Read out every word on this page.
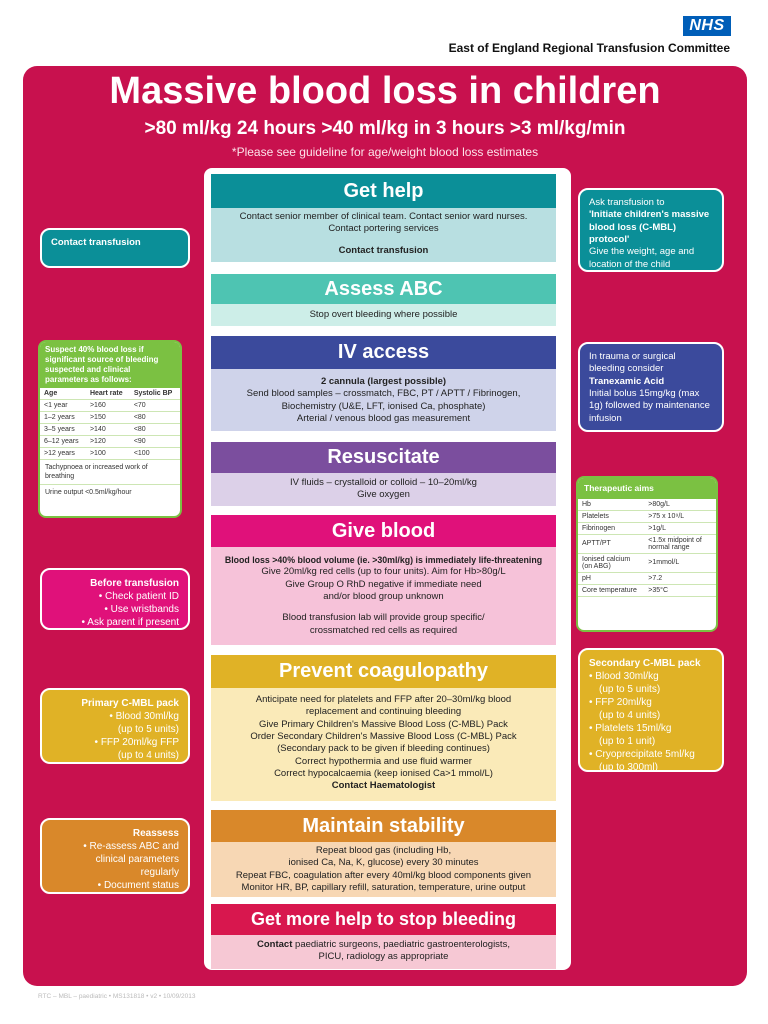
NHS
East of England Regional Transfusion Committee
Massive blood loss in children
>80 ml/kg 24 hours >40 ml/kg in 3 hours >3 ml/kg/min
*Please see guideline for age/weight blood loss estimates
Get help
Contact senior member of clinical team. Contact senior ward nurses.
Contact portering services
Contact transfusion
Assess ABC
Stop overt bleeding where possible
IV access
2 cannula (largest possible)
Send blood samples – crossmatch, FBC, PT / APTT / Fibrinogen,
Biochemistry (U&E, LFT, ionised Ca, phosphate)
Arterial / venous blood gas measurement
Resuscitate
IV fluids – crystalloid or colloid – 10–20ml/kg
Give oxygen
Give blood
Blood loss >40% blood volume (ie. >30ml/kg) is immediately life-threatening
Give 20ml/kg red cells (up to four units). Aim for Hb>80g/L
Give Group O RhD negative if immediate need
and/or blood group unknown
Blood transfusion lab will provide group specific/
crossmatched red cells as required
Prevent coagulopathy
Anticipate need for platelets and FFP after 20–30ml/kg blood
replacement and continuing bleeding
Give Primary Children's Massive Blood Loss (C-MBL) Pack
Order Secondary Children's Massive Blood Loss (C-MBL) Pack
(Secondary pack to be given if bleeding continues)
Correct hypothermia and use fluid warmer
Correct hypocalcaemia (keep ionised Ca>1 mmol/L)
Contact Haematologist
Maintain stability
Repeat blood gas (including Hb,
ionised Ca, Na, K, glucose) every 30 minutes
Repeat FBC, coagulation after every 40ml/kg blood components given
Monitor HR, BP, capillary refill, saturation, temperature, urine output
Get more help to stop bleeding
Contact paediatric surgeons, paediatric gastroenterologists,
PICU, radiology as appropriate
Contact transfusion
Ask transfusion to
'Initiate children's massive blood loss (C-MBL) protocol'
Give the weight, age and location of the child
In trauma or surgical bleeding consider
Tranexamic Acid
Initial bolus 15mg/kg (max 1g) followed by maintenance infusion
Before transfusion
• Check patient ID
• Use wristbands
• Ask parent if present
Primary C-MBL pack
• Blood 30ml/kg
(up to 5 units)
• FFP 20ml/kg FFP
(up to 4 units)
Secondary C-MBL pack
• Blood 30ml/kg
(up to 5 units)
• FFP 20ml/kg
(up to 4 units)
• Platelets 15ml/kg
(up to 1 unit)
• Cryoprecipitate 5ml/kg
(up to 300ml)
Reassess
• Re-assess ABC and
clinical parameters
regularly
• Document status
Suspect 40% blood loss if significant source of bleeding suspected and clinical parameters as follows:
Age	Heart rate	Systolic BP
<1 year	>160	<70
1–2 years	>150	<80
3–5 years	>140	<80
6–12 years	>120	<90
>12 years	>100	<100
Tachypnoea or increased work of breathing
Urine output <0.5ml/kg/hour	Therapeutic aims
Hb	>80g/L
Platelets	>75 x 10⁹/L
Fibrinogen	>1g/L
APTT/PT	<1.5x midpoint of normal range
Ionised calcium (on ABG)	>1mmol/L
pH	>7.2
Core temperature	>35°C
RTC – MBL – paediatric • MS131818 • v2 • 10/09/2013
